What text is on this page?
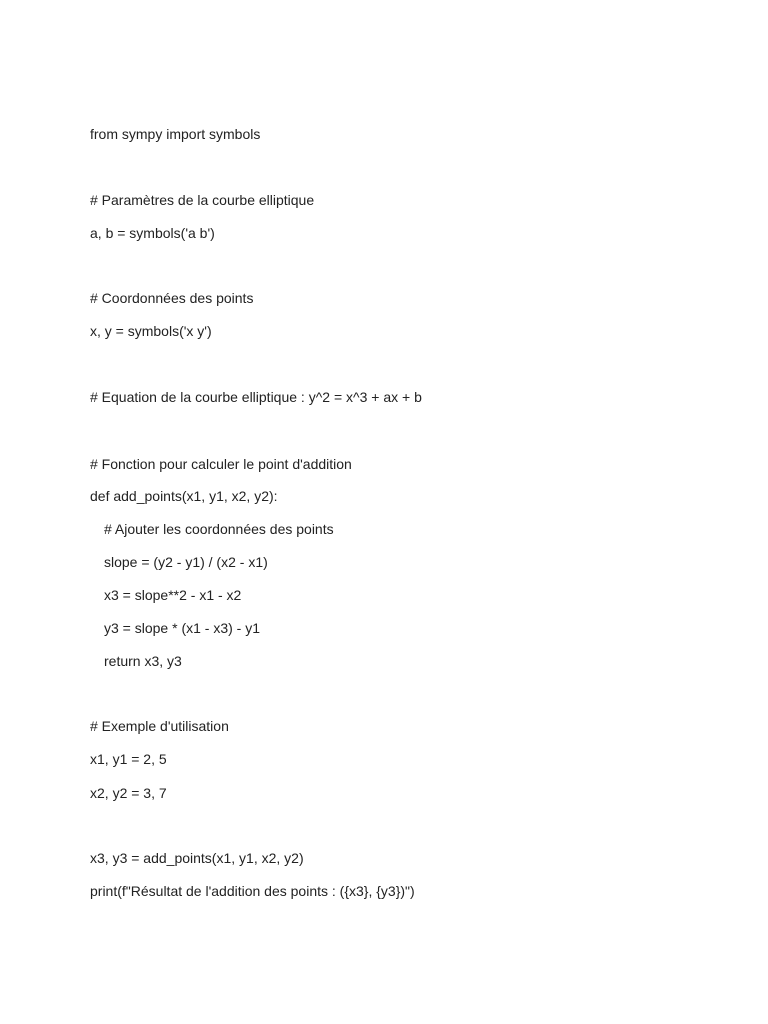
from sympy import symbols
# Paramètres de la courbe elliptique
a, b = symbols('a b')
# Coordonnées des points
x, y = symbols('x y')
# Equation de la courbe elliptique : y^2 = x^3 + ax + b
# Fonction pour calculer le point d'addition
def add_points(x1, y1, x2, y2):
# Ajouter les coordonnées des points
slope = (y2 - y1) / (x2 - x1)
x3 = slope**2 - x1 - x2
y3 = slope * (x1 - x3) - y1
return x3, y3
# Exemple d'utilisation
x1, y1 = 2, 5
x2, y2 = 3, 7
x3, y3 = add_points(x1, y1, x2, y2)
print(f"Résultat de l'addition des points : ({x3}, {y3})")
